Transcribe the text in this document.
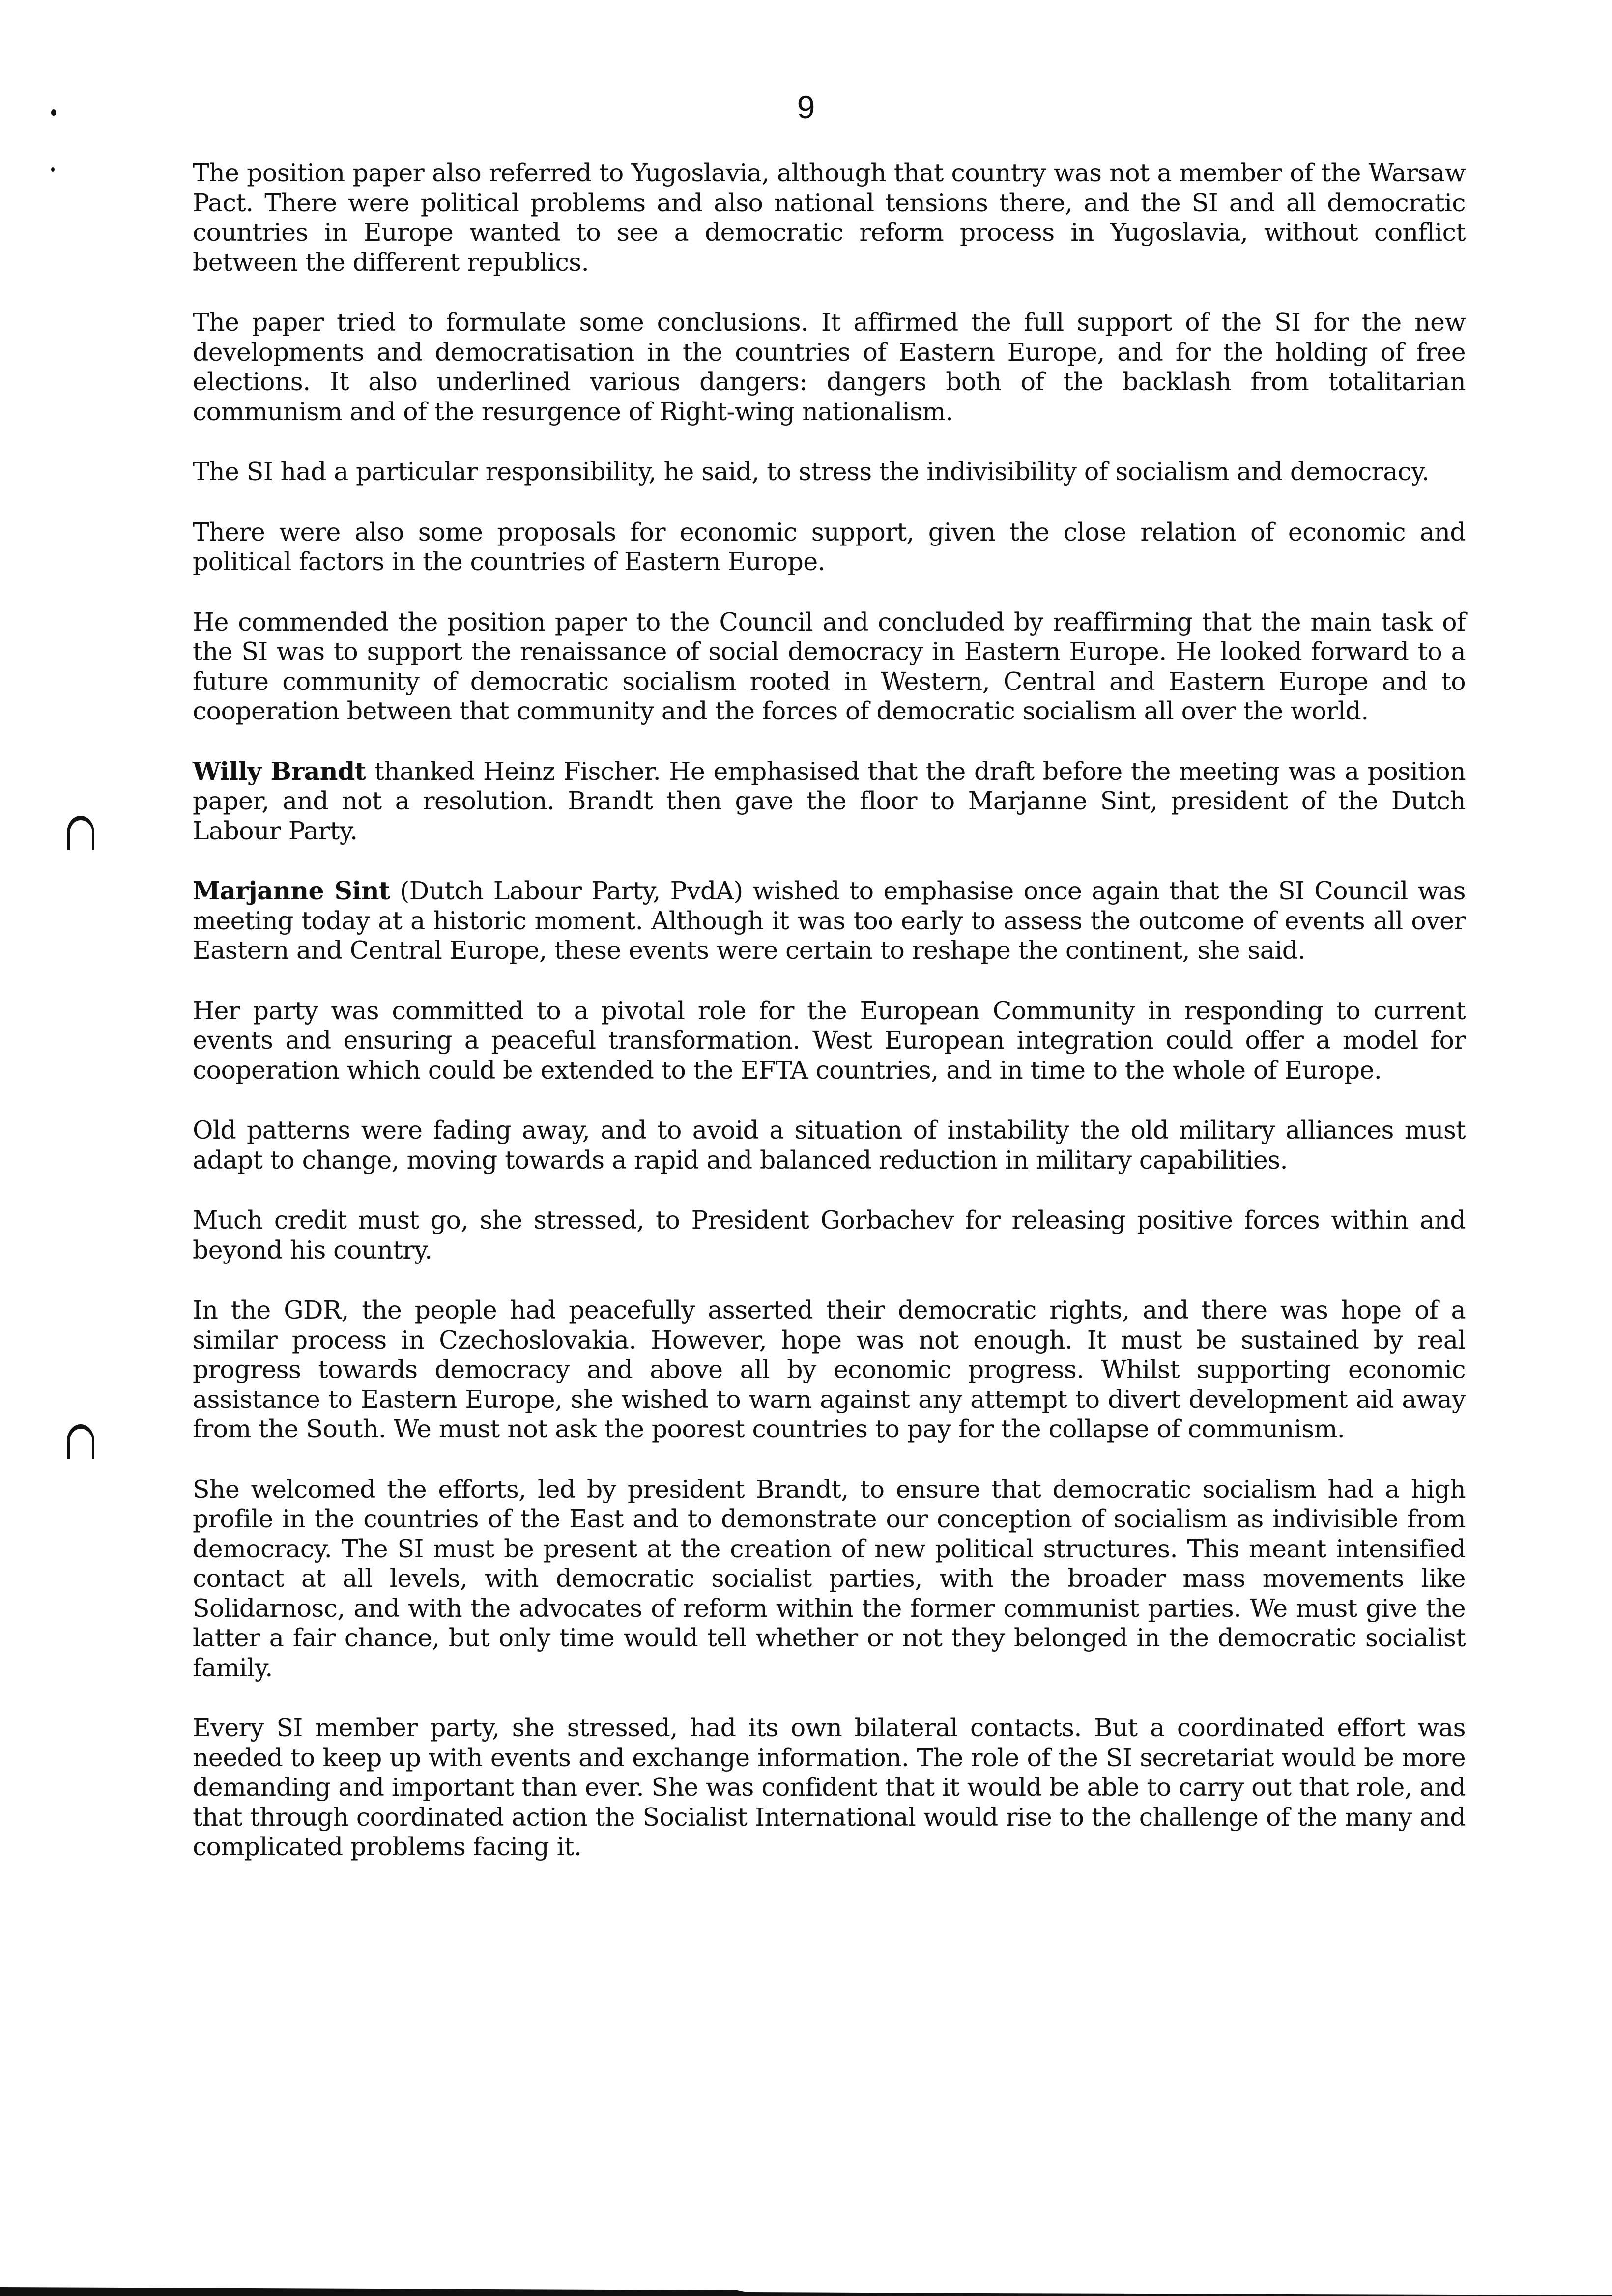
9

The position paper also referred to Yugoslavia, although that country was not a member of the Warsaw Pact. There were political problems and also national tensions there, and the SI and all democratic countries in Europe wanted to see a democratic reform process in Yugoslavia, without conflict between the different republics.

The paper tried to formulate some conclusions. It affirmed the full support of the SI for the new developments and democratisation in the countries of Eastern Europe, and for the holding of free elections. It also underlined various dangers: dangers both of the backlash from totalitarian communism and of the resurgence of Right-wing nationalism.

The SI had a particular responsibility, he said, to stress the indivisibility of socialism and democracy.

There were also some proposals for economic support, given the close relation of economic and political factors in the countries of Eastern Europe.

He commended the position paper to the Council and concluded by reaffirming that the main task of the SI was to support the renaissance of social democracy in Eastern Europe. He looked forward to a future community of democratic socialism rooted in Western, Central and Eastern Europe and to cooperation between that community and the forces of democratic socialism all over the world.

Willy Brandt thanked Heinz Fischer. He emphasised that the draft before the meeting was a position paper, and not a resolution. Brandt then gave the floor to Marjanne Sint, president of the Dutch Labour Party.

Marjanne Sint (Dutch Labour Party, PvdA) wished to emphasise once again that the SI Council was meeting today at a historic moment. Although it was too early to assess the outcome of events all over Eastern and Central Europe, these events were certain to reshape the continent, she said.

Her party was committed to a pivotal role for the European Community in responding to current events and ensuring a peaceful transformation. West European integration could offer a model for cooperation which could be extended to the EFTA countries, and in time to the whole of Europe.

Old patterns were fading away, and to avoid a situation of instability the old military alliances must adapt to change, moving towards a rapid and balanced reduction in military capabilities.

Much credit must go, she stressed, to President Gorbachev for releasing positive forces within and beyond his country.

In the GDR, the people had peacefully asserted their democratic rights, and there was hope of a similar process in Czechoslovakia. However, hope was not enough. It must be sustained by real progress towards democracy and above all by economic progress. Whilst supporting economic assistance to Eastern Europe, she wished to warn against any attempt to divert development aid away from the South. We must not ask the poorest countries to pay for the collapse of communism.

She welcomed the efforts, led by president Brandt, to ensure that democratic socialism had a high profile in the countries of the East and to demonstrate our conception of socialism as indivisible from democracy. The SI must be present at the creation of new political structures. This meant intensified contact at all levels, with democratic socialist parties, with the broader mass movements like Solidarnosc, and with the advocates of reform within the former communist parties. We must give the latter a fair chance, but only time would tell whether or not they belonged in the democratic socialist family.

Every SI member party, she stressed, had its own bilateral contacts. But a coordinated effort was needed to keep up with events and exchange information. The role of the SI secretariat would be more demanding and important than ever. She was confident that it would be able to carry out that role, and that through coordinated action the Socialist International would rise to the challenge of the many and complicated problems facing it.
